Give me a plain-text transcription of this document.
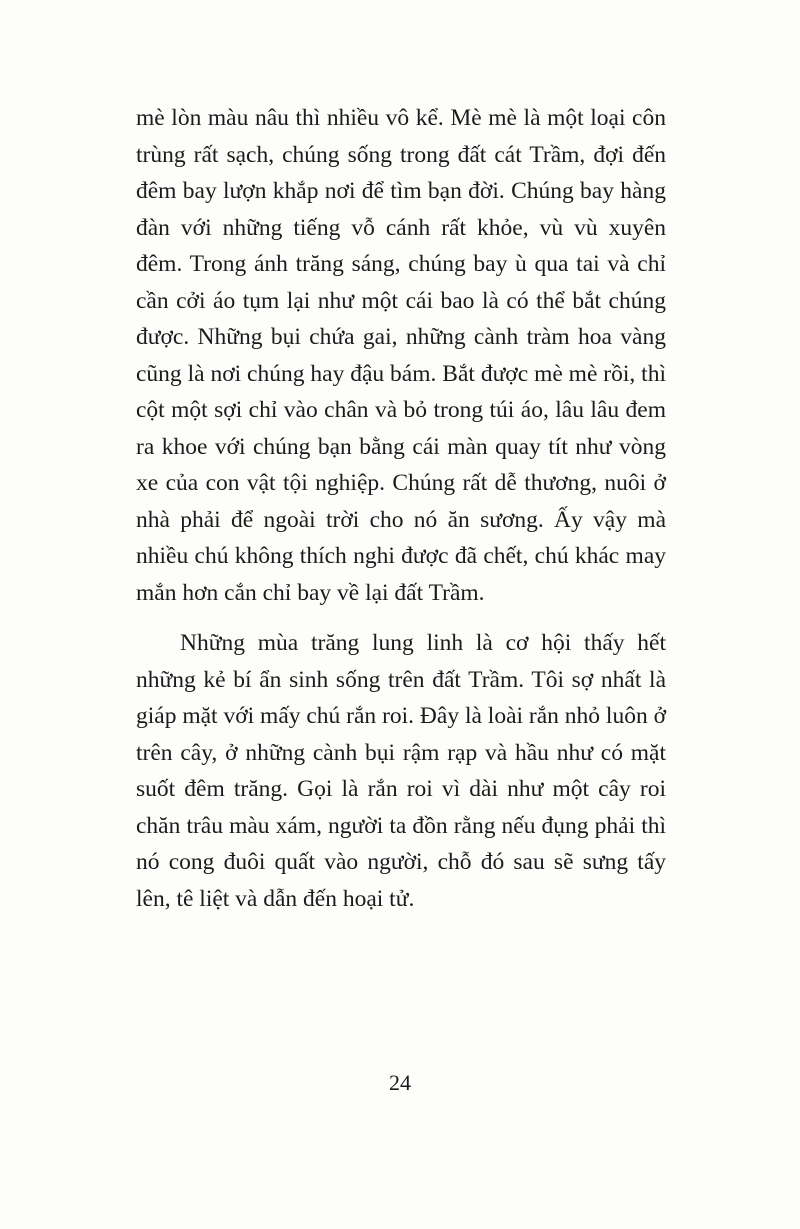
mè lòn màu nâu thì nhiều vô kể. Mè mè là một loại côn trùng rất sạch, chúng sống trong đất cát Trầm, đợi đến đêm bay lượn khắp nơi để tìm bạn đời. Chúng bay hàng đàn với những tiếng vỗ cánh rất khỏe, vù vù xuyên đêm. Trong ánh trăng sáng, chúng bay ù qua tai và chỉ cần cởi áo tụm lại như một cái bao là có thể bắt chúng được. Những bụi chứa gai, những cành tràm hoa vàng cũng là nơi chúng hay đậu bám. Bắt được mè mè rồi, thì cột một sợi chỉ vào chân và bỏ trong túi áo, lâu lâu đem ra khoe với chúng bạn bằng cái màn quay tít như vòng xe của con vật tội nghiệp. Chúng rất dễ thương, nuôi ở nhà phải để ngoài trời cho nó ăn sương. Ấy vậy mà nhiều chú không thích nghi được đã chết, chú khác may mắn hơn cắn chỉ bay về lại đất Trầm.

Những mùa trăng lung linh là cơ hội thấy hết những kẻ bí ẩn sinh sống trên đất Trầm. Tôi sợ nhất là giáp mặt với mấy chú rắn roi. Đây là loài rắn nhỏ luôn ở trên cây, ở những cành bụi rậm rạp và hầu như có mặt suốt đêm trăng. Gọi là rắn roi vì dài như một cây roi chăn trâu màu xám, người ta đồn rằng nếu đụng phải thì nó cong đuôi quất vào người, chỗ đó sau sẽ sưng tấy lên, tê liệt và dẫn đến hoại tử.

24
